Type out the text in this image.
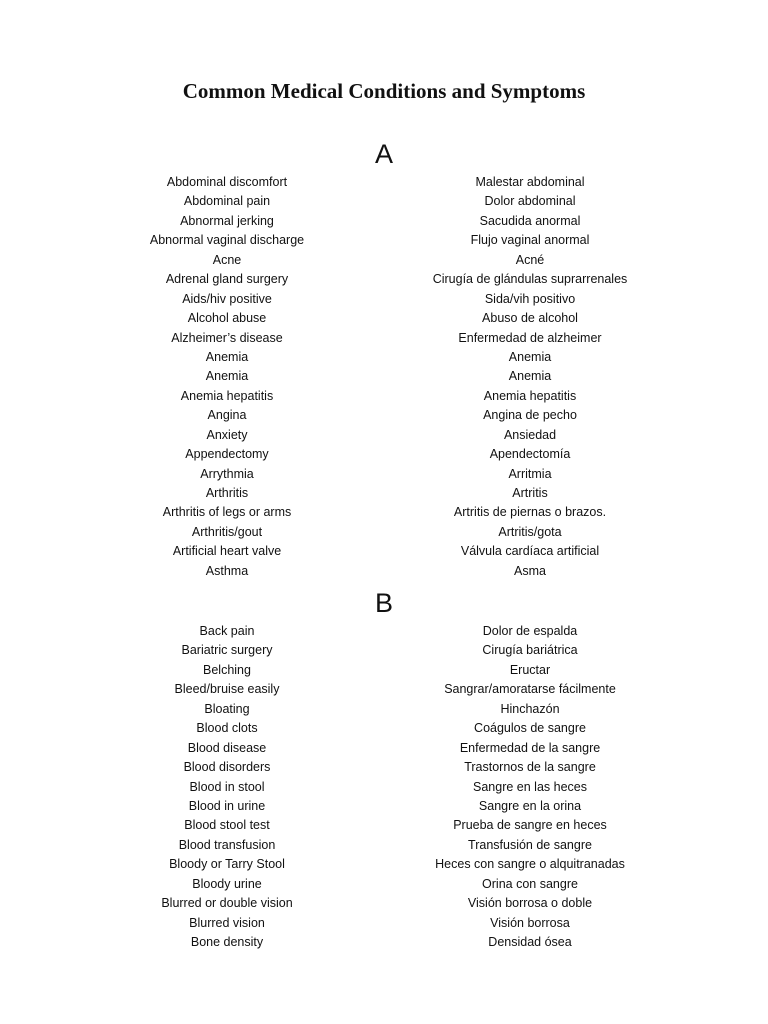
Common Medical Conditions and Symptoms
A
Abdominal discomfort	Malestar abdominal
Abdominal pain	Dolor abdominal
Abnormal jerking	Sacudida anormal
Abnormal vaginal discharge	Flujo vaginal anormal
Acne	Acné
Adrenal gland surgery	Cirugía de glándulas suprarrenales
Aids/hiv positive	Sida/vih positivo
Alcohol abuse	Abuso de alcohol
Alzheimer’s disease	Enfermedad de alzheimer
Anemia	Anemia
Anemia	Anemia
Anemia hepatitis	Anemia hepatitis
Angina	Angina de pecho
Anxiety	Ansiedad
Appendectomy	Apendectomía
Arrythmia	Arritmia
Arthritis	Artritis
Arthritis of legs or arms	Artritis de piernas o brazos.
Arthritis/gout	Artritis/gota
Artificial heart valve	Válvula cardíaca artificial
Asthma	Asma
B
Back pain	Dolor de espalda
Bariatric surgery	Cirugía bariátrica
Belching	Eructar
Bleed/bruise easily	Sangrar/amoratarse fácilmente
Bloating	Hinchazón
Blood clots	Coágulos de sangre
Blood disease	Enfermedad de la sangre
Blood disorders	Trastornos de la sangre
Blood in stool	Sangre en las heces
Blood in urine	Sangre en la orina
Blood stool test	Prueba de sangre en heces
Blood transfusion	Transfusión de sangre
Bloody or Tarry Stool	Heces con sangre o alquitranadas
Bloody urine	Orina con sangre
Blurred or double vision	Visión borrosa o doble
Blurred vision	Visión borrosa
Bone density	Densidad ósea
